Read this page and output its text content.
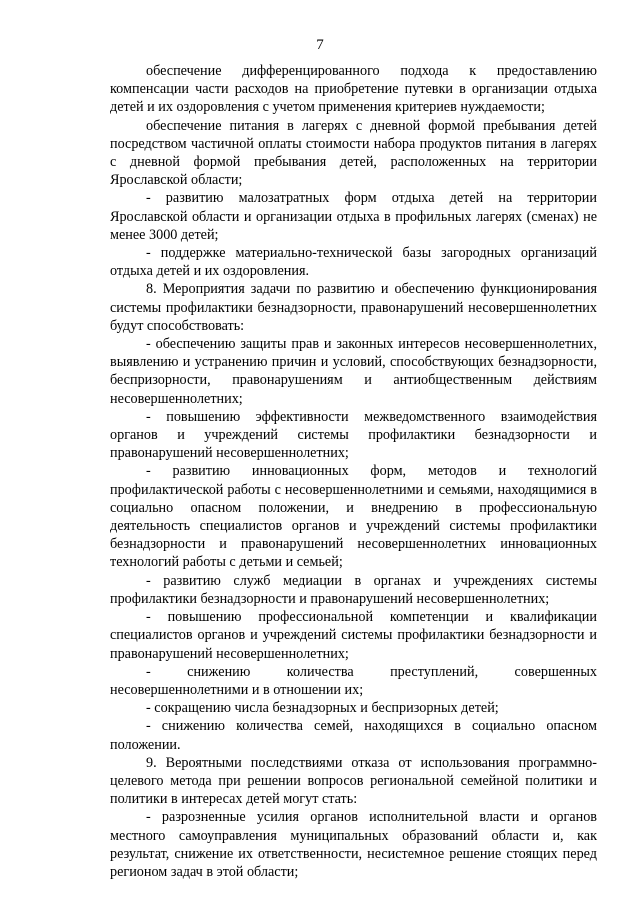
7

обеспечение дифференцированного подхода к предоставлению компенсации части расходов на приобретение путевки в организации отдыха детей и их оздоровления с учетом применения критериев нуждаемости;

обеспечение питания в лагерях с дневной формой пребывания детей посредством частичной оплаты стоимости набора продуктов питания в лагерях с дневной формой пребывания детей, расположенных на территории Ярославской области;

- развитию малозатратных форм отдыха детей на территории Ярославской области и организации отдыха в профильных лагерях (сменах) не менее 3000 детей;

- поддержке материально-технической базы загородных организаций отдыха детей и их оздоровления.

8. Мероприятия задачи по развитию и обеспечению функционирования системы профилактики безнадзорности, правонарушений несовершеннолетних будут способствовать:

- обеспечению защиты прав и законных интересов несовершеннолетних, выявлению и устранению причин и условий, способствующих безнадзорности, беспризорности, правонарушениям и антиобщественным действиям несовершеннолетних;

- повышению эффективности межведомственного взаимодействия органов и учреждений системы профилактики безнадзорности и правонарушений несовершеннолетних;

- развитию инновационных форм, методов и технологий профилактической работы с несовершеннолетними и семьями, находящимися в социально опасном положении, и внедрению в профессиональную деятельность специалистов органов и учреждений системы профилактики безнадзорности и правонарушений несовершеннолетних инновационных технологий работы с детьми и семьей;

- развитию служб медиации в органах и учреждениях системы профилактики безнадзорности и правонарушений несовершеннолетних;

- повышению профессиональной компетенции и квалификации специалистов органов и учреждений системы профилактики безнадзорности и правонарушений несовершеннолетних;

- снижению количества преступлений, совершенных несовершеннолетними и в отношении их;

- сокращению числа безнадзорных и беспризорных детей;

- снижению количества семей, находящихся в социально опасном положении.

9. Вероятными последствиями отказа от использования программно-целевого метода при решении вопросов региональной семейной политики и политики в интересах детей могут стать:

- разрозненные усилия органов исполнительной власти и органов местного самоуправления муниципальных образований области и, как результат, снижение их ответственности, несистемное решение стоящих перед регионом задач в этой области;
